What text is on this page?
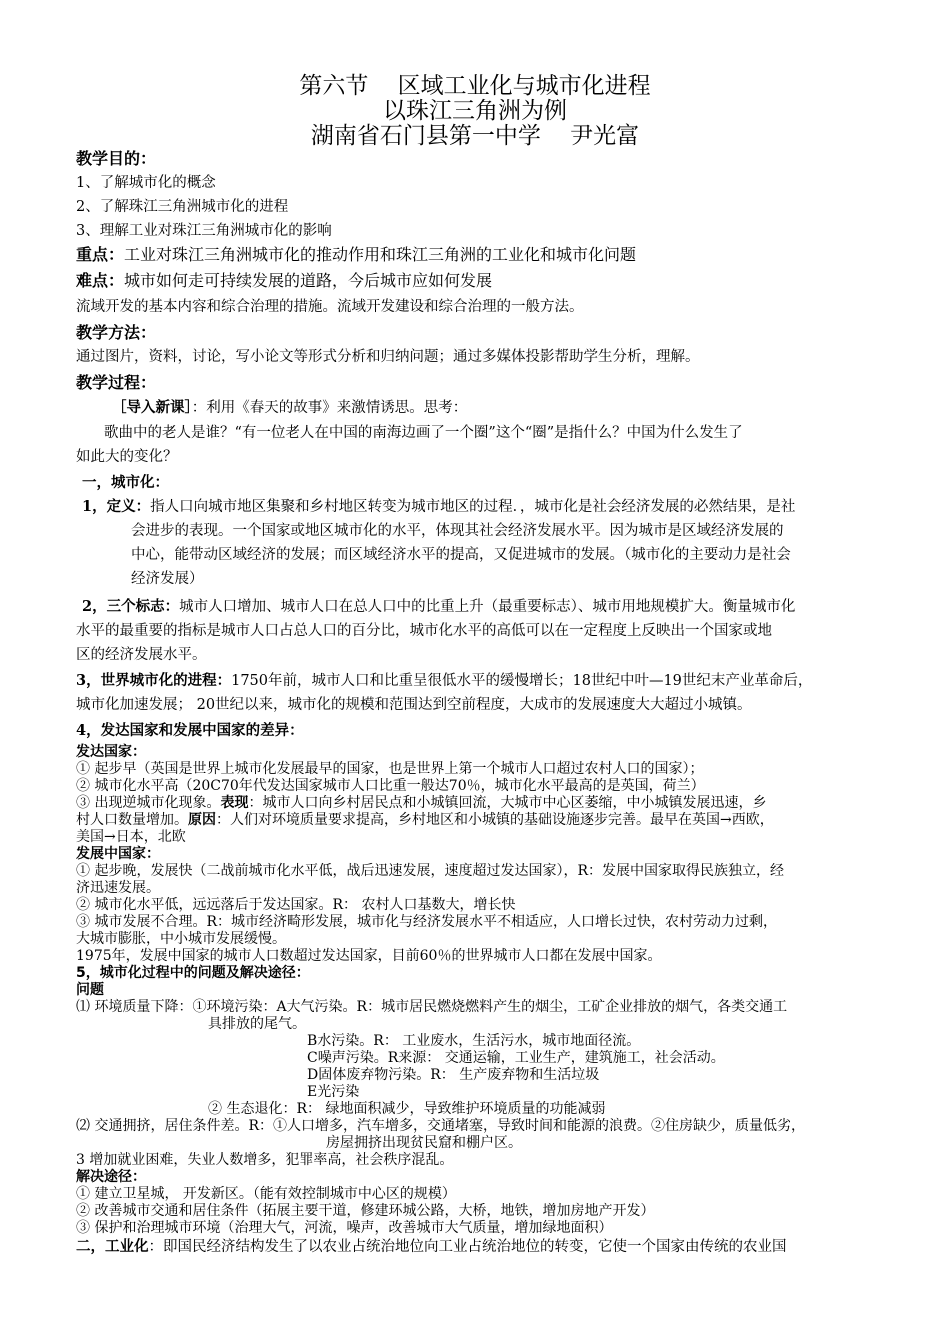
第六节    区域工业化与城市化进程
以珠江三角洲为例
湖南省石门县第一中学    尹光富
教学目的：
1、了解城市化的概念
2、了解珠江三角洲城市化的进程
3、理解工业对珠江三角洲城市化的影响
重点：工业对珠江三角洲城市化的推动作用和珠江三角洲的工业化和城市化问题
难点：城市如何走可持续发展的道路，今后城市应如何发展
流域开发的基本内容和综合治理的措施。流域开发建设和综合治理的一般方法。
教学方法：
通过图片，资料，讨论，写小论文等形式分析和归纳问题；通过多媒体投影帮助学生分析，理解。
教学过程：
［导入新课］：利用《春天的故事》来激情诱思。思考：
歌曲中的老人是谁？“有一位老人在中国的南海边画了一个圈”这个“圈”是指什么？中国为什么发生了
如此大的变化？
一，城市化：
1，定义：指人口向城市地区集聚和乡村地区转变为城市地区的过程．，城市化是社会经济发展的必然结果，是社
会进步的表现。一个国家或地区城市化的水平，体现其社会经济发展水平。因为城市是区域经济发展的
中心，能带动区域经济的发展；而区域经济水平的提高，又促进城市的发展。（城市化的主要动力是社会
经济发展）
2，三个标志：城市人口增加、城市人口在总人口中的比重上升（最重要标志）、城市用地规模扩大。衡量城市化
水平的最重要的指标是城市人口占总人口的百分比，城市化水平的高低可以在一定程度上反映出一个国家或地
区的经济发展水平。
3，世界城市化的进程：1750年前，城市人口和比重呈很低水平的缓慢增长；18世纪中叶—19世纪末产业革命后，
城市化加速发展； 20世纪以来，城市化的规模和范围达到空前程度，大成市的发展速度大大超过小城镇。
4，发达国家和发展中国家的差异：
发达国家：
① 起步早（英国是世界上城市化发展最早的国家，也是世界上第一个城市人口超过农村人口的国家）；
② 城市化水平高（20C70年代发达国家城市人口比重一般达70％，城市化水平最高的是英国，荷兰）
③ 出现逆城市化现象。表现：城市人口向乡村居民点和小城镇回流，大城市中心区萎缩，中小城镇发展迅速，乡
村人口数量增加。原因：人们对环境质量要求提高，乡村地区和小城镇的基础设施逐步完善。最早在英国→西欧，
美国→日本，北欧
发展中国家：
① 起步晚，发展快（二战前城市化水平低，战后迅速发展，速度超过发达国家），R：发展中国家取得民族独立，经
济迅速发展。
② 城市化水平低，远远落后于发达国家。R： 农村人口基数大，增长快
③ 城市发展不合理。R：城市经济畸形发展，城市化与经济发展水平不相适应，人口增长过快，农村劳动力过剩，
大城市膨胀，中小城市发展缓慢。
1975年，发展中国家的城市人口数超过发达国家，目前60％的世界城市人口都在发展中国家。
5，城市化过程中的问题及解决途径：
问题
⑴ 环境质量下降：①环境污染：A大气污染。R：城市居民燃烧燃料产生的烟尘，工矿企业排放的烟气，各类交通工
具排放的尾气。
B水污染。R： 工业废水，生活污水，城市地面径流。
C噪声污染。R来源： 交通运输，工业生产，建筑施工，社会活动。
D固体废弃物污染。R： 生产废弃物和生活垃圾
E光污染
② 生态退化：R： 绿地面积减少，导致维护环境质量的功能减弱
⑵ 交通拥挤，居住条件差。R：①人口增多，汽车增多，交通堵塞，导致时间和能源的浪费。②住房缺少，质量低劣，
房屋拥挤出现贫民窟和棚户区。
3 增加就业困难，失业人数增多，犯罪率高，社会秩序混乱。
解决途径：
① 建立卫星城， 开发新区。（能有效控制城市中心区的规模）
② 改善城市交通和居住条件（拓展主要干道，修建环城公路，大桥，地铁，增加房地产开发）
③ 保护和治理城市环境（治理大气，河流，噪声，改善城市大气质量，增加绿地面积）
二，工业化：即国民经济结构发生了以农业占统治地位向工业占统治地位的转变，它使一个国家由传统的农业国
